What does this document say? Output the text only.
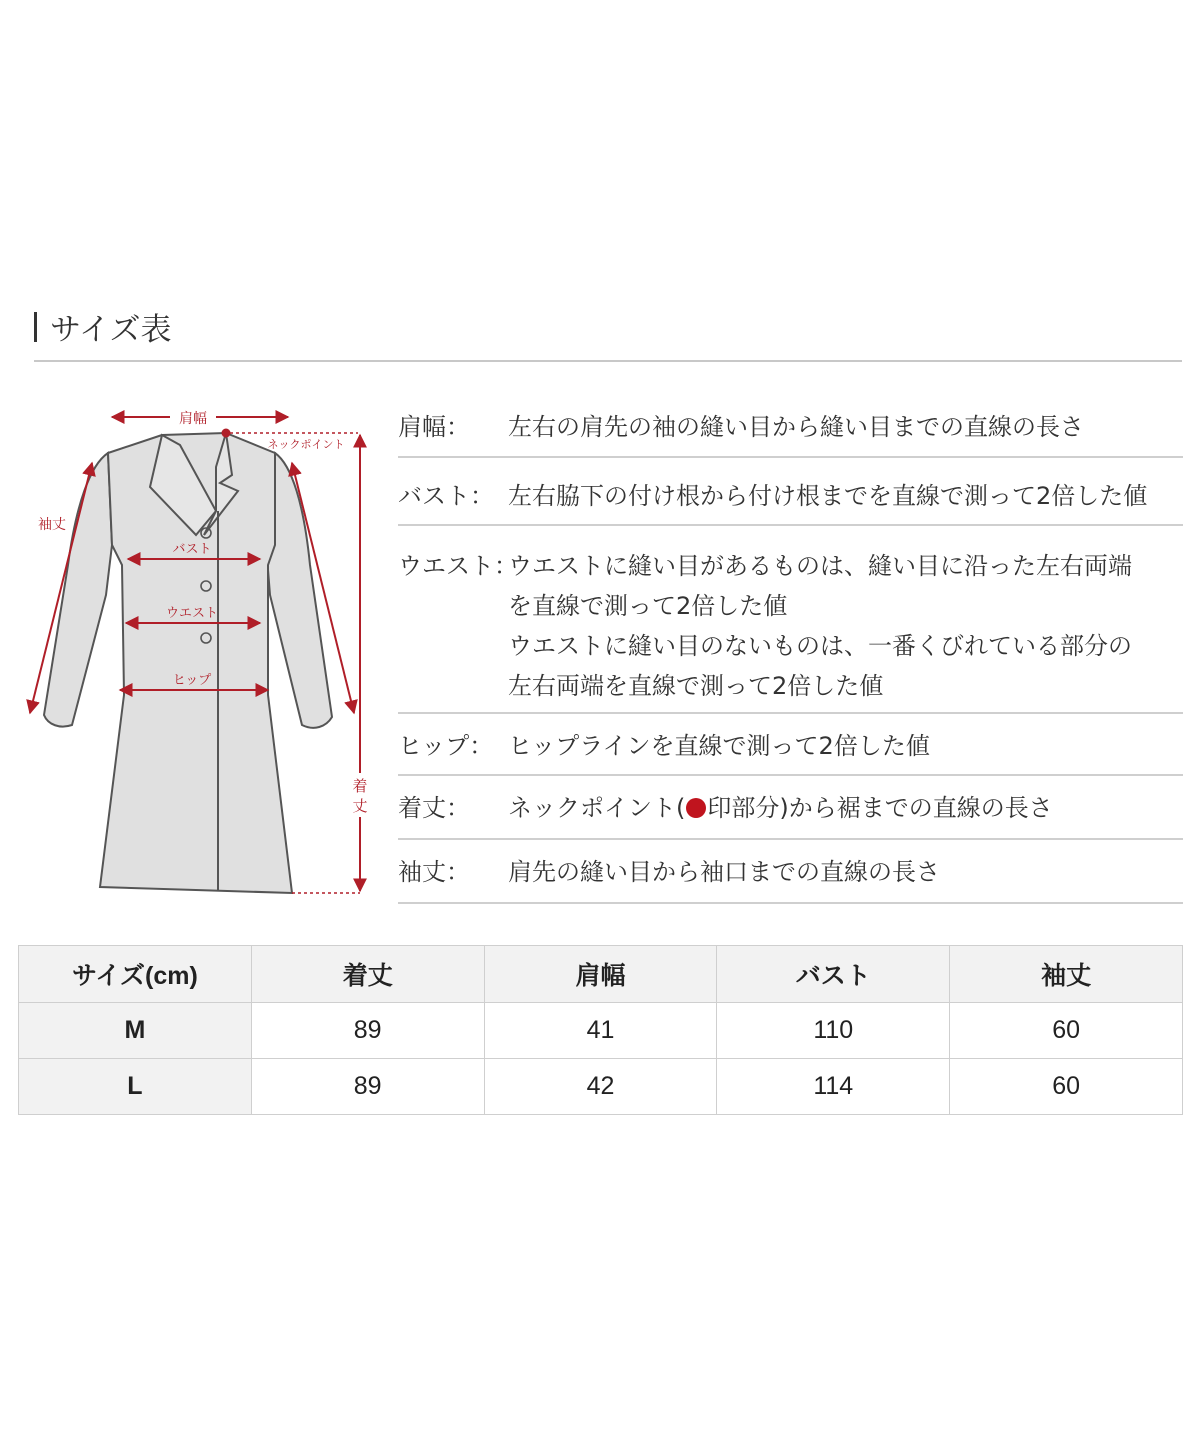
サイズ表
肩幅
ネックポイント
袖丈
バスト
ウエスト
ヒップ
着
丈
肩幅：	左右の肩先の袖の縫い目から縫い目までの直線の長さ
バスト： 左右脇下の付け根から付け根までを直線で測って2倍した値
ウエスト：
ウエストに縫い目があるものは、縫い目に沿った左右両端
を直線で測って2倍した値
ウエストに縫い目のないものは、一番くびれている部分の
左右両端を直線で測って2倍した値
ヒップ： ヒップラインを直線で測って2倍した値
着丈：	ネックポイント( 印部分)から裾までの直線の長さ
袖丈：	肩先の縫い目から袖口までの直線の長さ
サイズ(cm)	着丈	肩幅	バスト	袖丈
M	89	41	110	60
L	89	42	114	60
